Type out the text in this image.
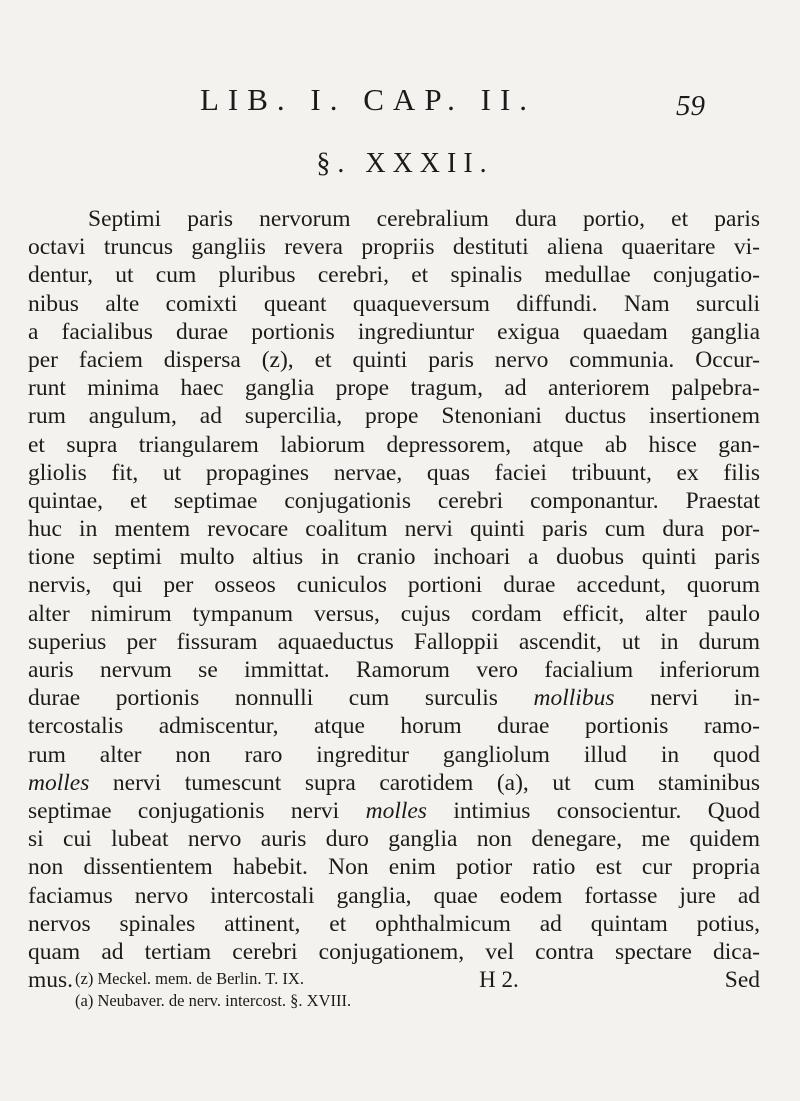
LIB. I. CAP. II.	59
§. XXXII.
Septimi paris nervorum cerebralium dura portio, et paris
octavi truncus gangliis revera propriis destituti aliena quaeritare vi-
dentur, ut cum pluribus cerebri, et spinalis medullae conjugatio-
nibus alte comixti queant quaqueversum diffundi. Nam surculi
a facialibus durae portionis ingrediuntur exigua quaedam ganglia
per faciem dispersa (z), et quinti paris nervo communia. Occur-
runt minima haec ganglia prope tragum, ad anteriorem palpebra-
rum angulum, ad supercilia, prope Stenoniani ductus insertionem
et supra triangularem labiorum depressorem, atque ab hisce gan-
gliolis fit, ut propagines nervae, quas faciei tribuunt, ex filis
quintae, et septimae conjugationis cerebri componantur. Praestat
huc in mentem revocare coalitum nervi quinti paris cum dura por-
tione septimi multo altius in cranio inchoari a duobus quinti paris
nervis, qui per osseos cuniculos portioni durae accedunt, quorum
alter nimirum tympanum versus, cujus cordam efficit, alter paulo
superius per fissuram aquaeductus Falloppii ascendit, ut in durum
auris nervum se immittat. Ramorum vero facialium inferiorum
durae portionis nonnulli cum surculis mollibus nervi in-
tercostalis admiscentur, atque horum durae portionis ramo-
rum alter non raro ingreditur gangliolum illud in quod
molles nervi tumescunt supra carotidem (a), ut cum staminibus
septimae conjugationis nervi molles intimius consocientur. Quod
si cui lubeat nervo auris duro ganglia non denegare, me quidem
non dissentientem habebit. Non enim potior ratio est cur propria
faciamus nervo intercostali ganglia, quae eodem fortasse jure ad
nervos spinales attinent, et ophthalmicum ad quintam potius,
quam ad tertiam cerebri conjugationem, vel contra spectare dica-
mus.	H 2.	Sed
(z) Meckel. mem. de Berlin. T. IX.
(a) Neubaver. de nerv. intercost. §. XVIII.
